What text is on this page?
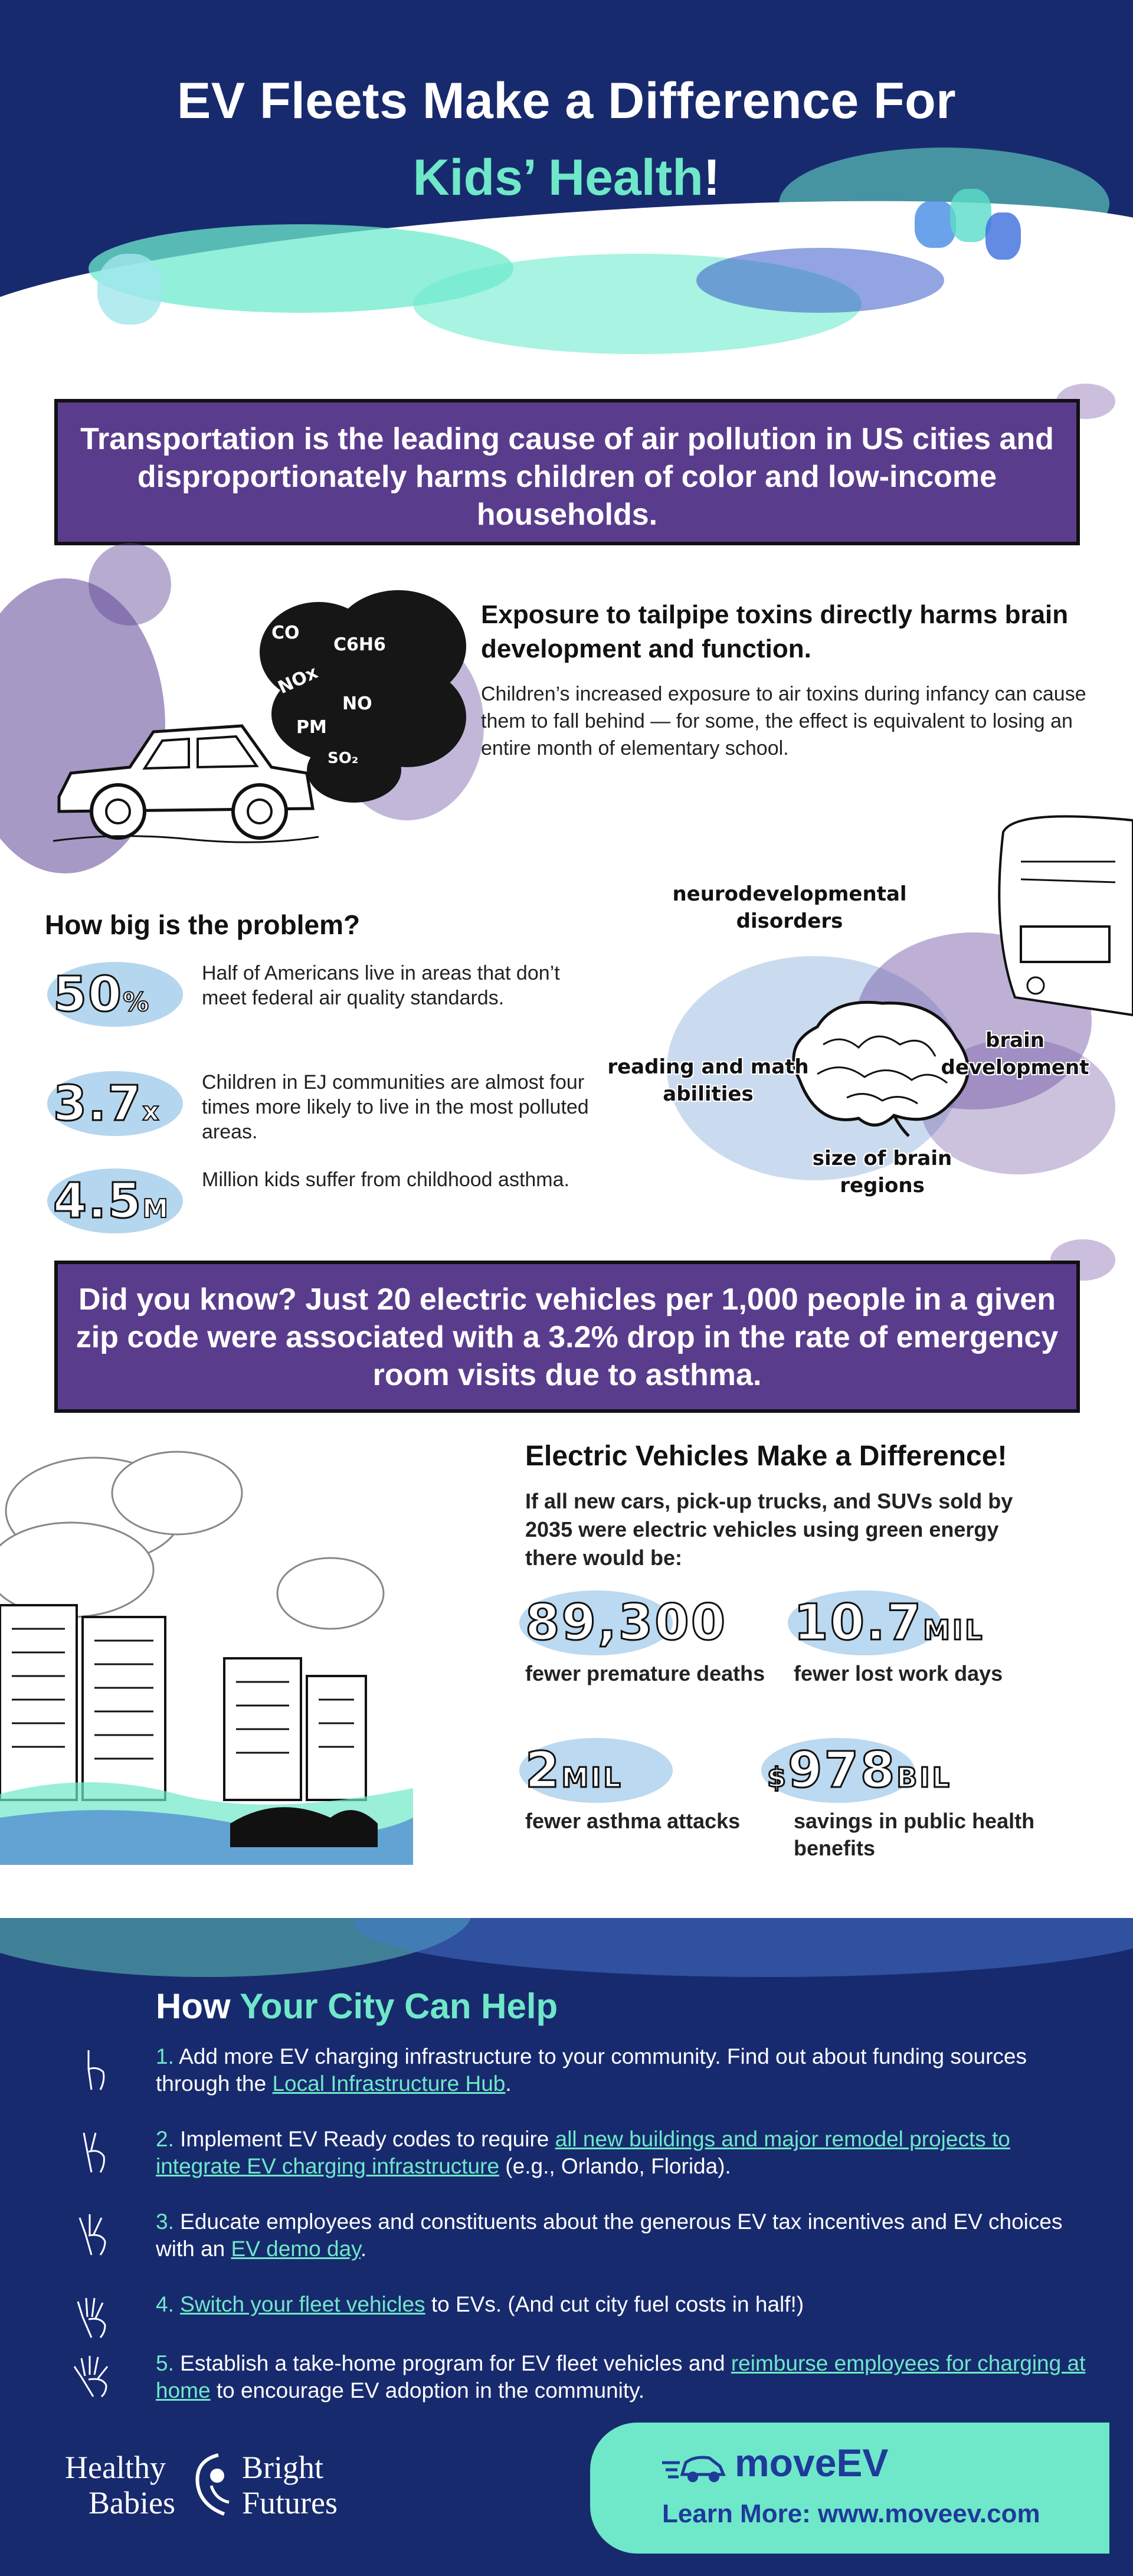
EV Fleets Make a Difference For
Kids’ Health!
Transportation is the leading cause of air pollution in US cities and disproportionately harms children of color and low-income households.
CO
C6H6
NOx
NO
PM
SO₂
Exposure to tailpipe toxins directly harms brain development and function.
Children’s increased exposure to air toxins during infancy can cause them to fall behind — for some, the effect is equivalent to losing an entire month of elementary school.
How big is the problem?
50%
Half of Americans live in areas that don’t meet federal air quality standards.
3.7x
Children in EJ communities are almost four times more likely to live in the most polluted areas.
4.5M
Million kids suffer from childhood asthma.
neurodevelopmental disorders
brain development
reading and math abilities
size of brain regions
Did you know? Just 20 electric vehicles per 1,000 people in a given zip code were associated with a 3.2% drop in the rate of emergency room visits due to asthma.
Electric Vehicles Make a Difference!
If all new cars, pick-up trucks, and SUVs sold by 2035 were electric vehicles using green energy there would be:
89,300
fewer premature deaths
10.7MIL
fewer lost work days
2MIL
fewer asthma attacks
$978BIL
savings in public health benefits
How Your City Can Help
1. Add more EV charging infrastructure to your community. Find out about funding sources through the Local Infrastructure Hub.
2. Implement EV Ready codes to require all new buildings and major remodel projects to integrate EV charging infrastructure (e.g., Orlando, Florida).
3. Educate employees and constituents about the generous EV tax incentives and EV choices with an EV demo day.
4. Switch your fleet vehicles to EVs. (And cut city fuel costs in half!)
5. Establish a take-home program for EV fleet vehicles and reimburse employees for charging at home to encourage EV adoption in the community.
Healthy
Babies
Bright
Futures
moveEV
Learn More: www.moveev.com
